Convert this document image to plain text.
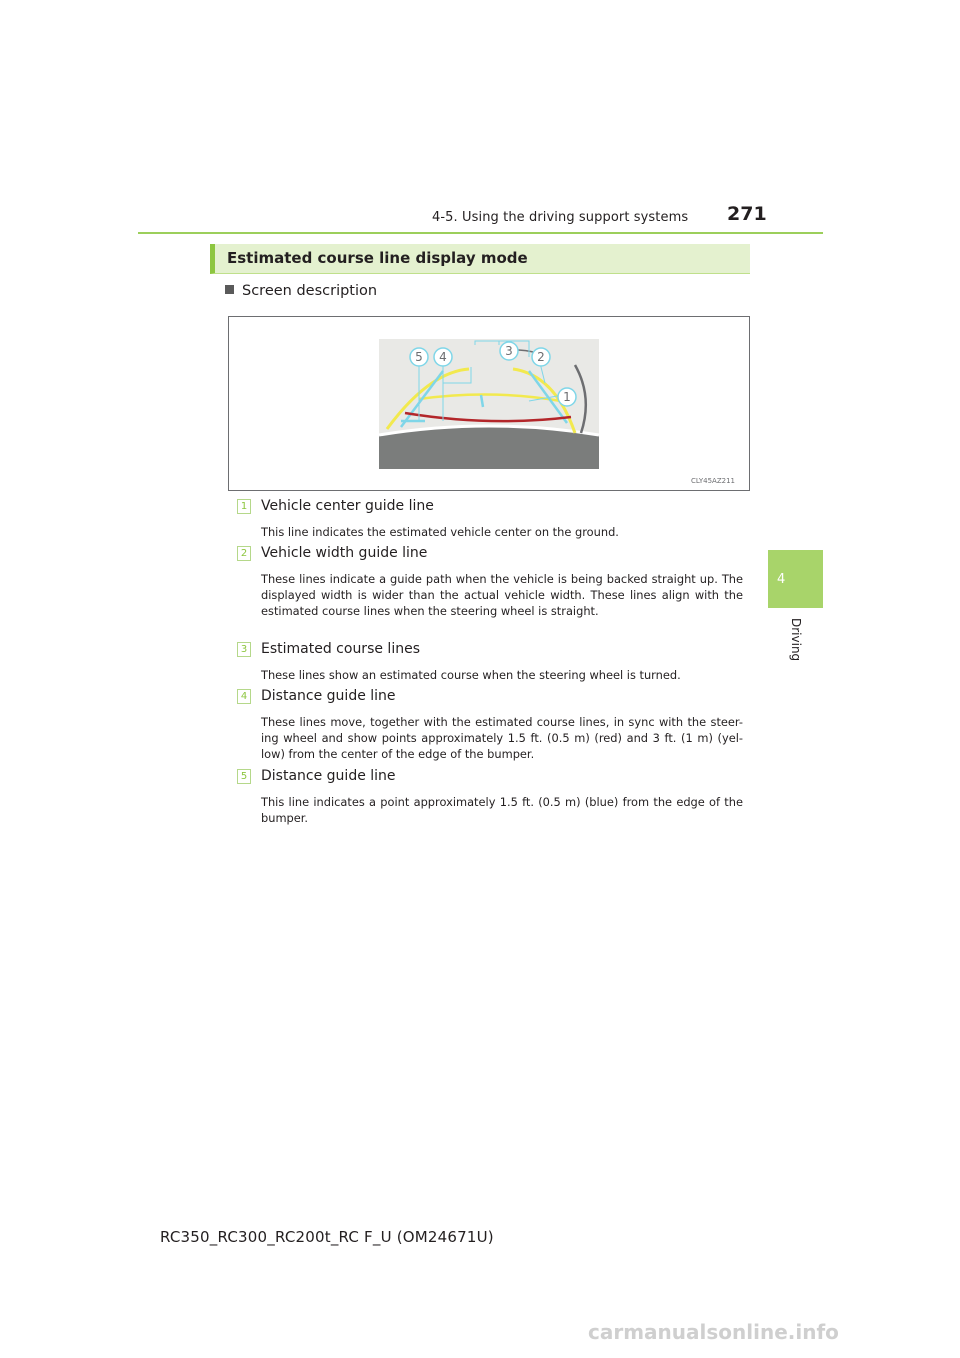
4-5. Using the driving support systems 271
4
Driving
Estimated course line display mode
Screen description
5 4	3 2
1
CLY45AZ211
1 Vehicle center guide line
This line indicates the estimated vehicle center on the ground.
2 Vehicle width guide line
These lines indicate a guide path when the vehicle is being backed straight up. The displayed width is wider than the actual vehicle width. These lines align with the estimated course lines when the steering wheel is straight.
3 Estimated course lines
These lines show an estimated course when the steering wheel is turned.
4 Distance guide line
These lines move, together with the estimated course lines, in sync with the steer-ing wheel and show points approximately 1.5 ft. (0.5 m) (red) and 3 ft. (1 m) (yel-low) from the center of the edge of the bumper.
5 Distance guide line
This line indicates a point approximately 1.5 ft. (0.5 m) (blue) from the edge of the bumper.
RC350_RC300_RC200t_RC F_U (OM24671U)
carmanualsonline.info
